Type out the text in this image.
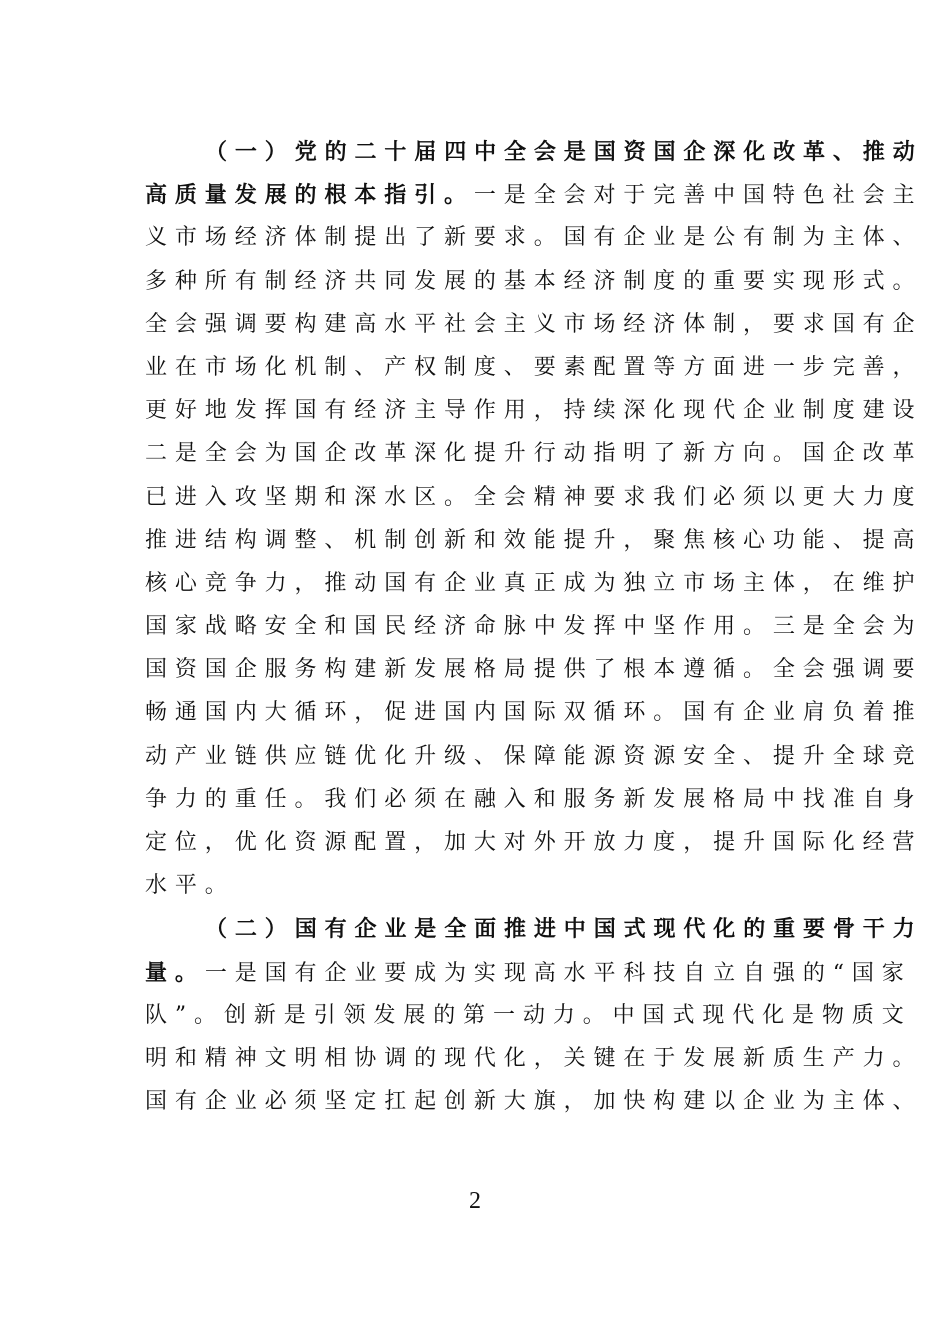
（一）党的二十届四中全会是国资国企深化改革、推动
高质量发展的根本指引。一是全会对于完善中国特色社会主
义市场经济体制提出了新要求。国有企业是公有制为主体、
多种所有制经济共同发展的基本经济制度的重要实现形式。
全会强调要构建高水平社会主义市场经济体制，要求国有企
业在市场化机制、产权制度、要素配置等方面进一步完善，
更好地发挥国有经济主导作用，持续深化现代企业制度建设
二是全会为国企改革深化提升行动指明了新方向。国企改革
已进入攻坚期和深水区。全会精神要求我们必须以更大力度
推进结构调整、机制创新和效能提升，聚焦核心功能、提高
核心竞争力，推动国有企业真正成为独立市场主体，在维护
国家战略安全和国民经济命脉中发挥中坚作用。三是全会为
国资国企服务构建新发展格局提供了根本遵循。全会强调要
畅通国内大循环，促进国内国际双循环。国有企业肩负着推
动产业链供应链优化升级、保障能源资源安全、提升全球竞
争力的重任。我们必须在融入和服务新发展格局中找准自身
定位，优化资源配置，加大对外开放力度，提升国际化经营
水平。
（二）国有企业是全面推进中国式现代化的重要骨干力
量。一是国有企业要成为实现高水平科技自立自强的“国家
队”。创新是引领发展的第一动力。中国式现代化是物质文
明和精神文明相协调的现代化，关键在于发展新质生产力。
国有企业必须坚定扛起创新大旗，加快构建以企业为主体、
2
